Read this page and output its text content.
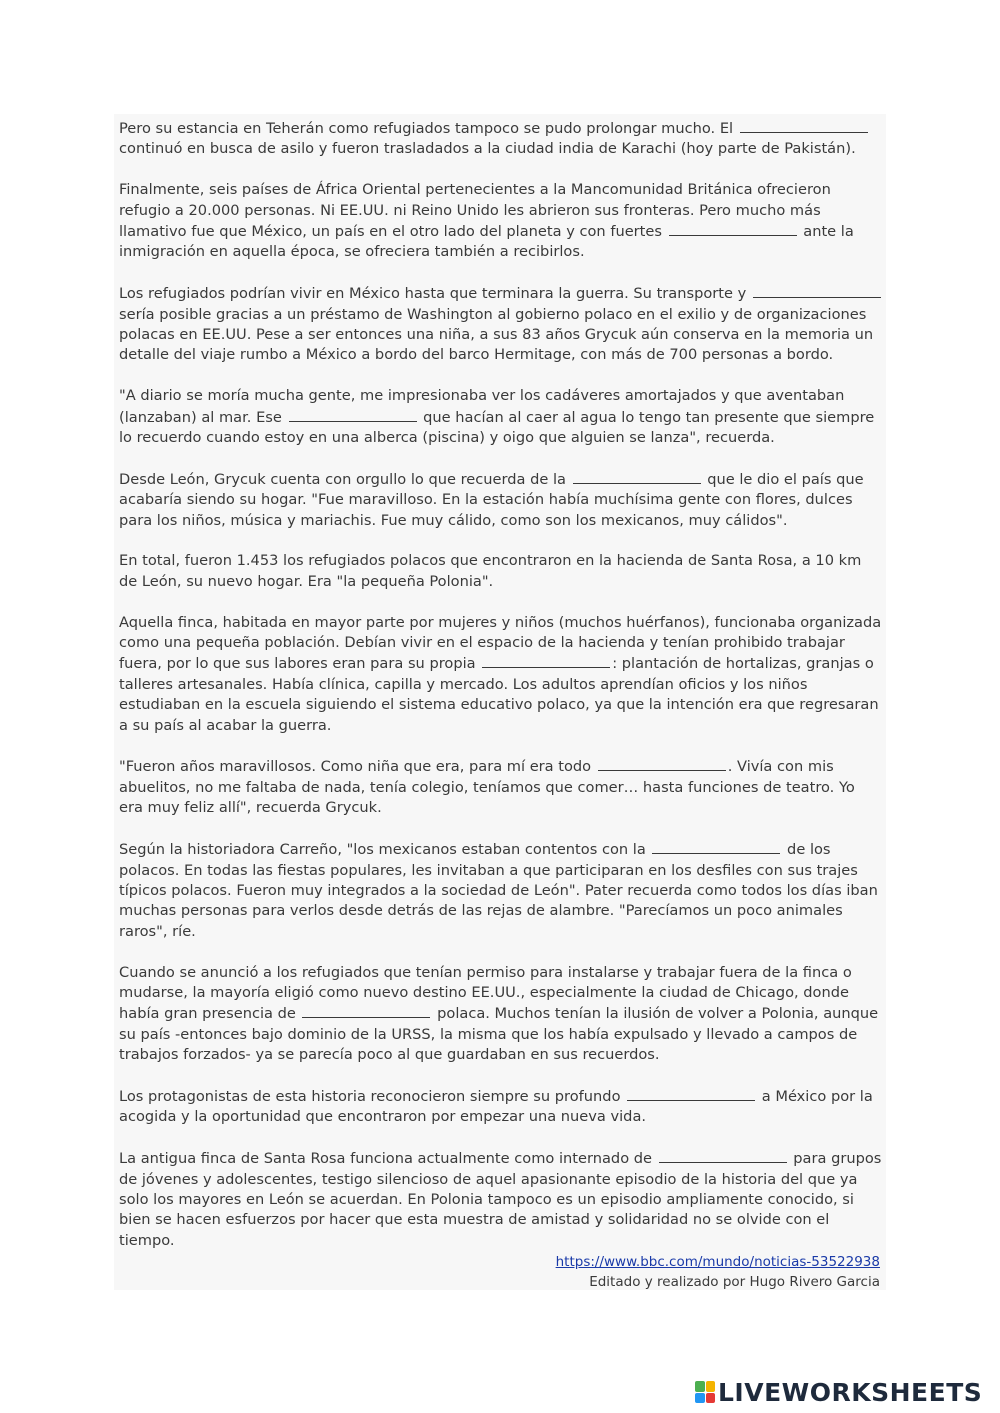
Pero su estancia en Teherán como refugiados tampoco se pudo prolongar mucho. El  continuó en busca de asilo y fueron trasladados a la ciudad india de Karachi (hoy parte de Pakistán).

Finalmente, seis países de África Oriental pertenecientes a la Mancomunidad Británica ofrecieron refugio a 20.000 personas. Ni EE.UU. ni Reino Unido les abrieron sus fronteras. Pero mucho más llamativo fue que México, un país en el otro lado del planeta y con fuertes	ante la inmigración en aquella época, se ofreciera también a recibirlos.

Los refugiados podrían vivir en México hasta que terminara la guerra. Su transporte y  sería posible gracias a un préstamo de Washington al gobierno polaco en el exilio y de organizaciones polacas en EE.UU. Pese a ser entonces una niña, a sus 83 años Grycuk aún conserva en la memoria un detalle del viaje rumbo a México a bordo del barco Hermitage, con más de 700 personas a bordo.

"A diario se moría mucha gente, me impresionaba ver los cadáveres amortajados y que aventaban (lanzaban) al mar. Ese	que hacían al caer al agua lo tengo tan presente que siempre lo recuerdo cuando estoy en una alberca (piscina) y oigo que alguien se lanza", recuerda.

Desde León, Grycuk cuenta con orgullo lo que recuerda de la	que le dio el país que acabaría siendo su hogar. "Fue maravilloso. En la estación había muchísima gente con flores, dulces para los niños, música y mariachis. Fue muy cálido, como son los mexicanos, muy cálidos".

En total, fueron 1.453 los refugiados polacos que encontraron en la hacienda de Santa Rosa, a 10 km de León, su nuevo hogar. Era "la pequeña Polonia".

Aquella finca, habitada en mayor parte por mujeres y niños (muchos huérfanos), funcionaba organizada como una pequeña población. Debían vivir en el espacio de la hacienda y tenían prohibido trabajar fuera, por lo que sus labores eran para su propia	: plantación de hortalizas, granjas o talleres artesanales. Había clínica, capilla y mercado. Los adultos aprendían oficios y los niños estudiaban en la escuela siguiendo el sistema educativo polaco, ya que la intención era que regresaran a su país al acabar la guerra.

"Fueron años maravillosos. Como niña que era, para mí era todo	. Vivía con mis abuelitos, no me faltaba de nada, tenía colegio, teníamos que comer… hasta funciones de teatro. Yo era muy feliz allí", recuerda Grycuk.

Según la historiadora Carreño, "los mexicanos estaban contentos con la	de los polacos. En todas las fiestas populares, les invitaban a que participaran en los desfiles con sus trajes típicos polacos. Fueron muy integrados a la sociedad de León". Pater recuerda como todos los días iban muchas personas para verlos desde detrás de las rejas de alambre. "Parecíamos un poco animales raros", ríe.

Cuando se anunció a los refugiados que tenían permiso para instalarse y trabajar fuera de la finca o mudarse, la mayoría eligió como nuevo destino EE.UU., especialmente la ciudad de Chicago, donde había gran presencia de	polaca. Muchos tenían la ilusión de volver a Polonia, aunque su país -entonces bajo dominio de la URSS, la misma que los había expulsado y llevado a campos de trabajos forzados- ya se parecía poco al que guardaban en sus recuerdos.

Los protagonistas de esta historia reconocieron siempre su profundo	a México por la acogida y la oportunidad que encontraron por empezar una nueva vida.

La antigua finca de Santa Rosa funciona actualmente como internado de	para grupos de jóvenes y adolescentes, testigo silencioso de aquel apasionante episodio de la historia del que ya solo los mayores en León se acuerdan. En Polonia tampoco es un episodio ampliamente conocido, si bien se hacen esfuerzos por hacer que esta muestra de amistad y solidaridad no se olvide con el tiempo.

https://www.bbc.com/mundo/noticias-53522938
Editado y realizado por Hugo Rivero Garcia
LIVEWORKSHEETS
